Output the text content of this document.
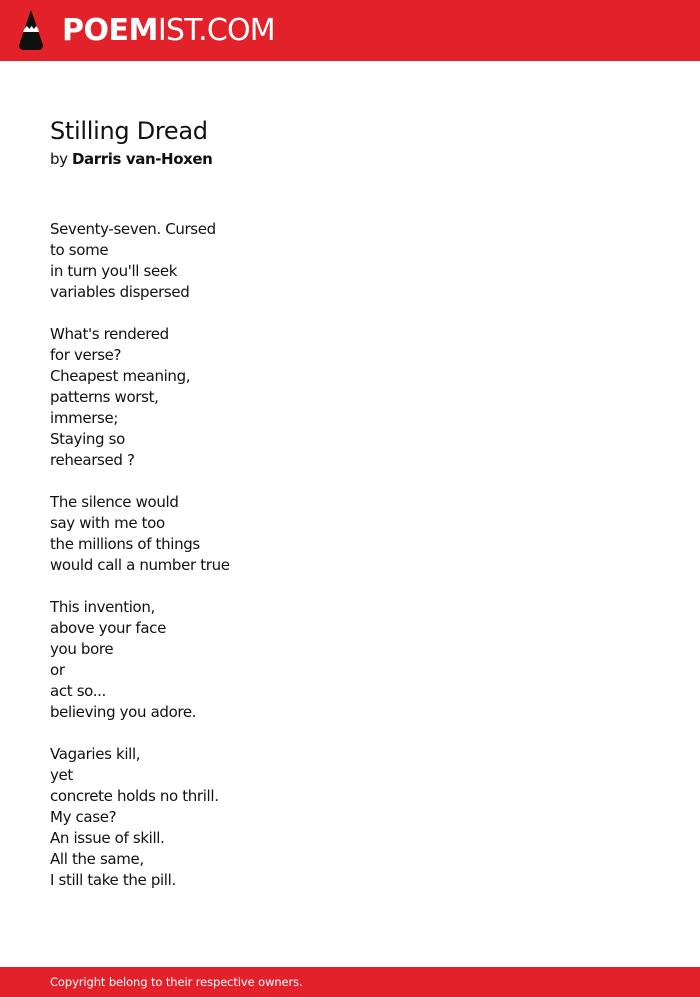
POEMIST.COM
Stilling Dread
by Darris van-Hoxen
Seventy-seven. Cursed
to some
in turn you'll seek
variables dispersed
What's rendered
for verse?
Cheapest meaning,
patterns worst,
immerse;
Staying so
rehearsed ?
The silence would
say with me too
the millions of things
would call a number true
This invention,
above your face
you bore
or
act so...
believing you adore.
Vagaries kill,
yet
concrete holds no thrill.
My case?
An issue of skill.
All the same,
I still take the pill.
Copyright belong to their respective owners.
